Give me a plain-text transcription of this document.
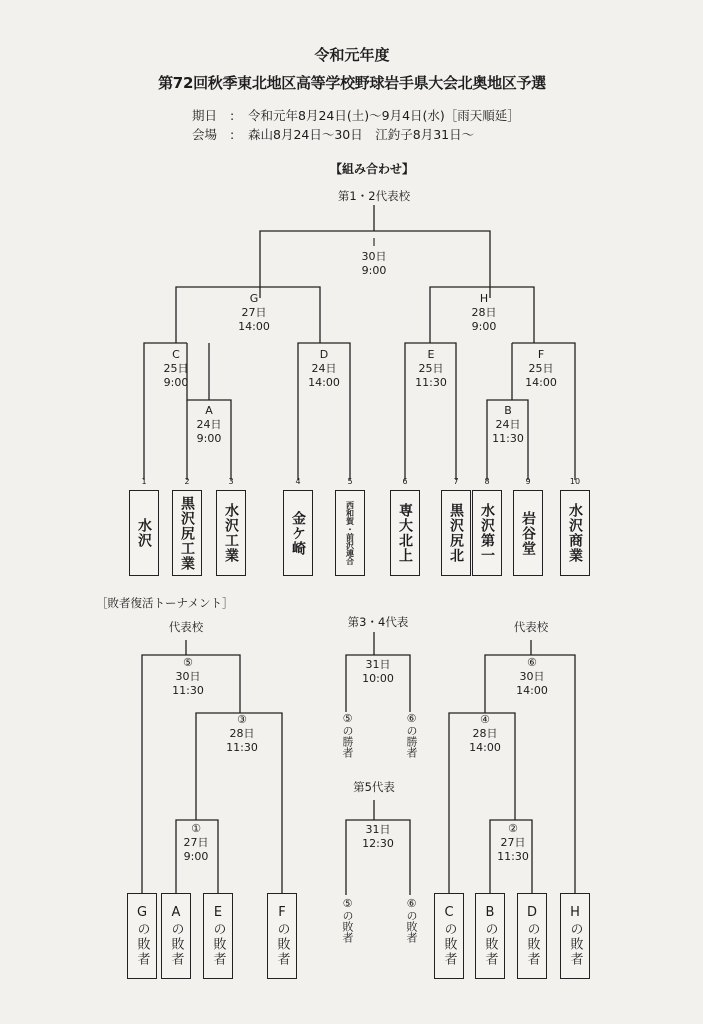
令和元年度
第72回秋季東北地区高等学校野球岩手県大会北奥地区予選
期日 : 令和元年8月24日(土)～9月4日(水)［雨天順延］
会場 : 森山8月24日～30日　江釣子8月31日～
【組み合わせ】
第1・2代表校
I
30日
9:00
G
27日
14:00
H
28日
9:00
C
25日
9:00
D
24日
14:00
E
25日
11:30
F
25日
14:00
A
24日
9:00
B
24日
11:30
1	2	3	4	5	6	7	8	9	10
水沢	黒沢尻工業	水沢工業	金ケ崎	西和賀・前沢連合	専大北上	黒沢尻北	水沢第一	岩谷堂	水沢商業
［敗者復活トーナメント］
代表校	代表校
第3・4代表
第5代表
⑤
30日
11:30
③
28日
11:30
①
27日
9:00
⑥
30日
14:00
④
28日
14:00
②
27日
11:30
31日
10:00
31日
12:30
⑤の勝者	⑥の勝者
⑤の敗者	⑥の敗者
Gの敗者	Aの敗者	Eの敗者	Fの敗者	Cの敗者	Bの敗者	Dの敗者	Hの敗者
